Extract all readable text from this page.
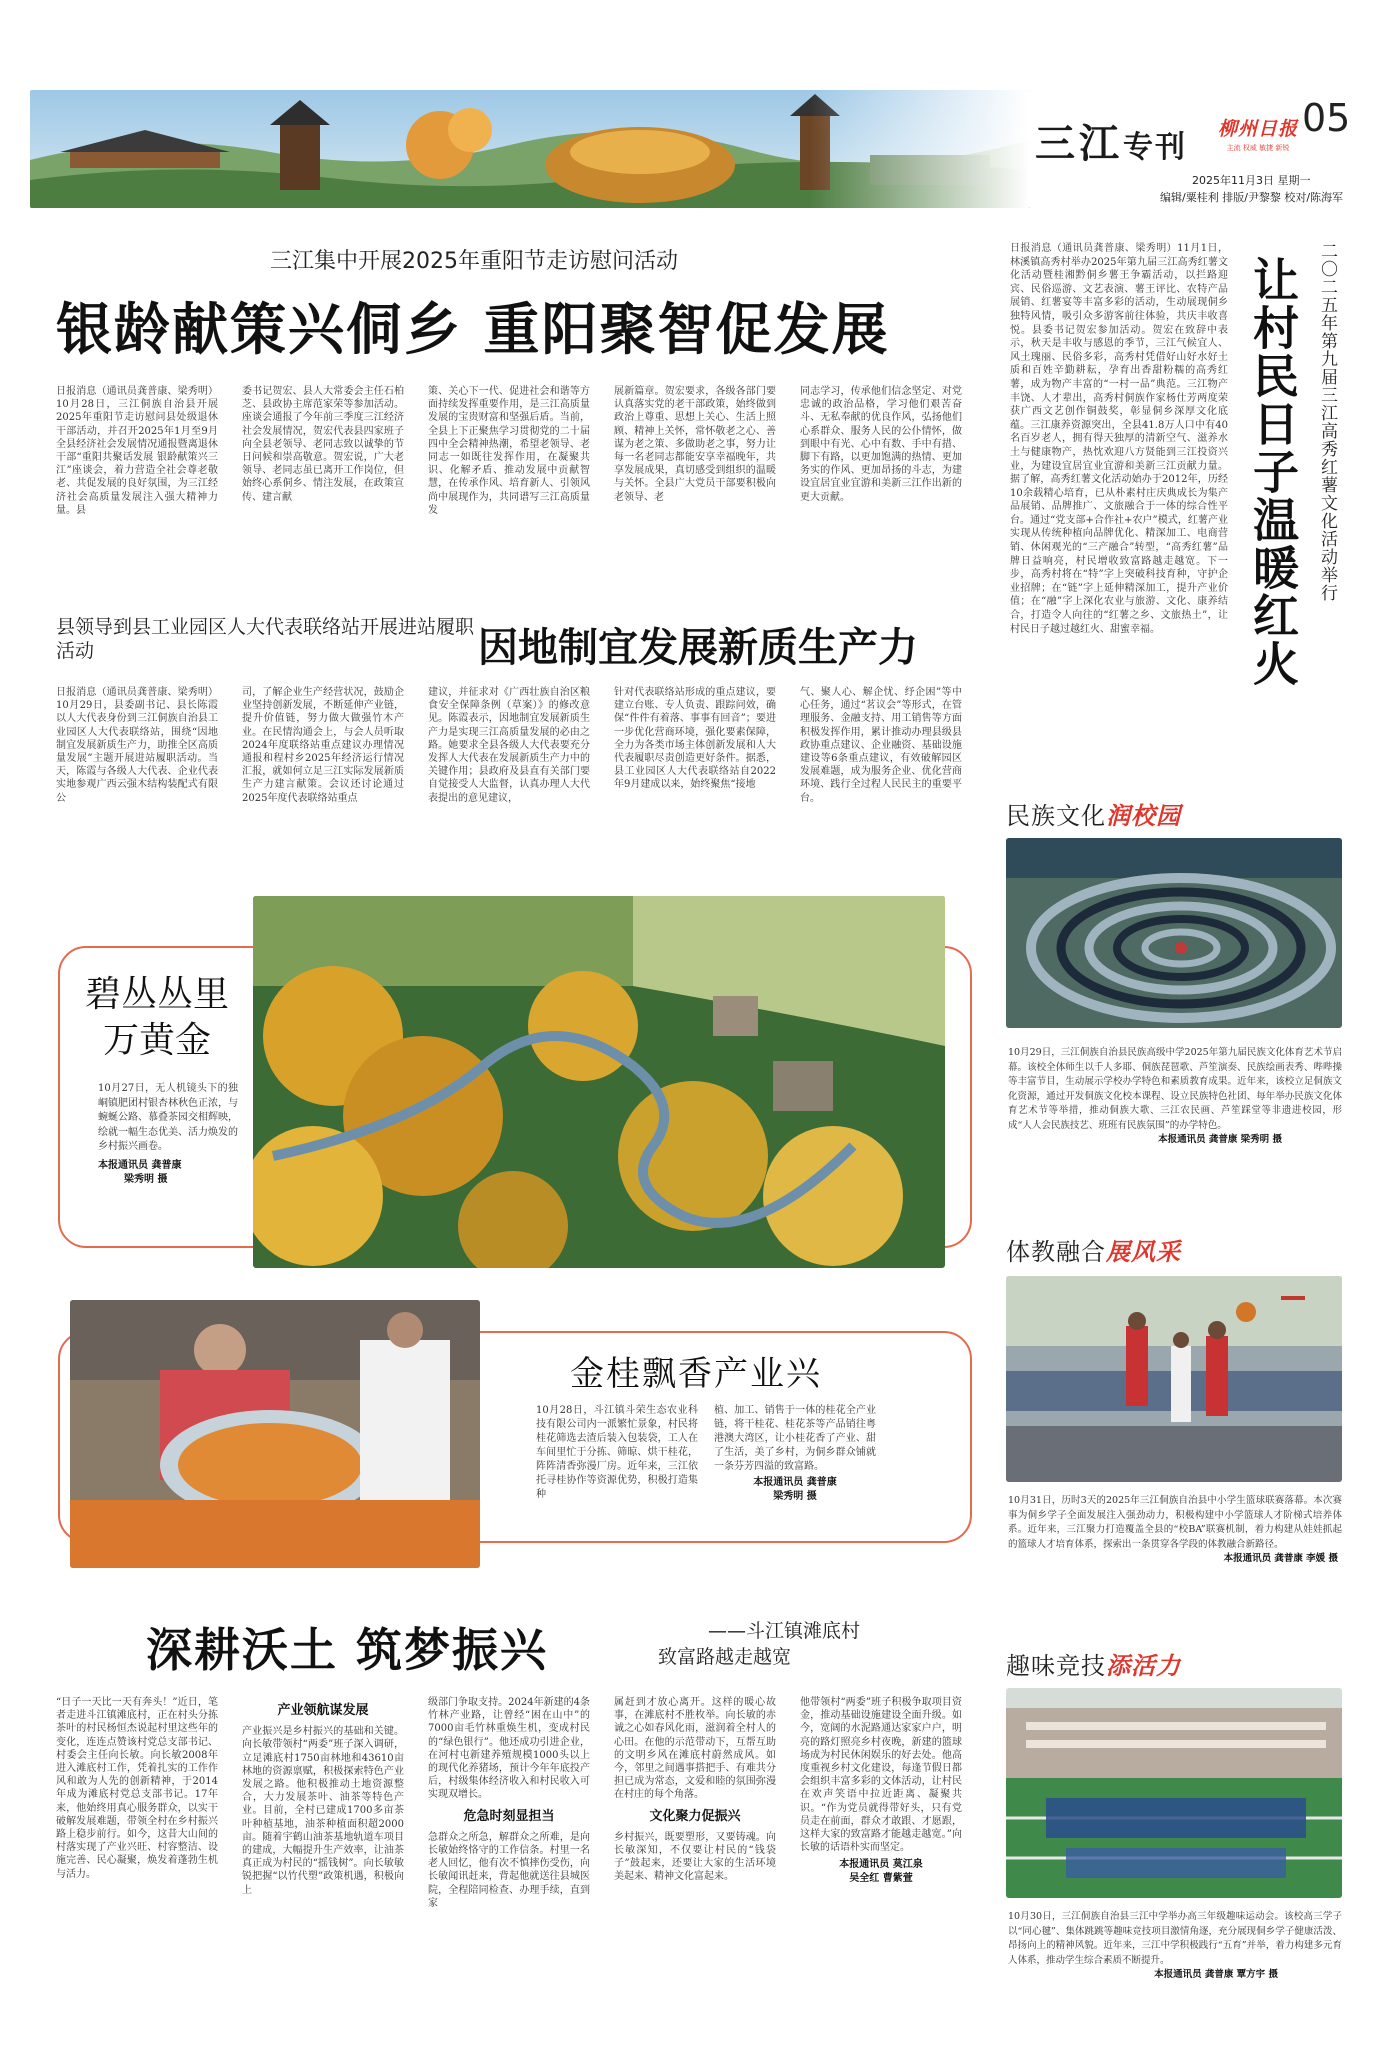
三江专刊
柳州日报
主流 权威 敏捷 新锐
05
2025年11月3日 星期一
编辑/粟桂利 排版/尹黎黎 校对/陈海军
三江集中开展2025年重阳节走访慰问活动
银龄献策兴侗乡 重阳聚智促发展
日报消息（通讯员龚普康、梁秀明）10月28日，三江侗族自治县开展2025年重阳节走访慰问县处级退休干部活动，并召开2025年1月至9月全县经济社会发展情况通报暨离退休干部“重阳共聚话发展 银龄献策兴三江”座谈会，着力营造全社会尊老敬老、共促发展的良好氛围，为三江经济社会高质量发展注入强大精神力量。县
委书记贺宏、县人大常委会主任石柏芝、县政协主席范家荣等参加活动。座谈会通报了今年前三季度三江经济社会发展情况，贺宏代表县四家班子向全县老领导、老同志致以诚挚的节日问候和崇高敬意。贺宏说，广大老领导、老同志虽已离开工作岗位，但始终心系侗乡、情注发展，在政策宣传、建言献
策、关心下一代、促进社会和谐等方面持续发挥重要作用，是三江高质量发展的宝贵财富和坚强后盾。当前，全县上下正聚焦学习贯彻党的二十届四中全会精神热潮，希望老领导、老同志一如既往发挥作用，在凝聚共识、化解矛盾、推动发展中贡献智慧，在传承作风、培育新人、引领风尚中展现作为，共同谱写三江高质量发
展新篇章。贺宏要求，各级各部门要认真落实党的老干部政策，始终做到政治上尊重、思想上关心、生活上照顾、精神上关怀，常怀敬老之心、善谋为老之策、多做助老之事，努力让每一名老同志都能安享幸福晚年，共享发展成果，真切感受到组织的温暖与关怀。全县广大党员干部要积极向老领导、老
同志学习，传承他们信念坚定、对党忠诚的政治品格，学习他们艰苦奋斗、无私奉献的优良作风，弘扬他们心系群众、服务人民的公仆情怀，做到眼中有光、心中有数、手中有措、脚下有路，以更加饱满的热情、更加务实的作风、更加昂扬的斗志，为建设宜居宜业宜游和美新三江作出新的更大贡献。
县领导到县工业园区人大代表联络站开展进站履职活动	因地制宜发展新质生产力
日报消息（通讯员龚普康、梁秀明）10月29日，县委副书记、县长陈霞以人大代表身份到三江侗族自治县工业园区人大代表联络站，围绕“因地制宜发展新质生产力，助推全区高质量发展”主题开展进站履职活动。当天，陈霞与各级人大代表、企业代表实地参观广西云强木结构装配式有限公
司，了解企业生产经营状况，鼓励企业坚持创新发展，不断延伸产业链，提升价值链，努力做大做强竹木产业。在民情沟通会上，与会人员听取2024年度联络站重点建议办理情况通报和程村乡2025年经济运行情况汇报，就如何立足三江实际发展新质生产力建言献策。会议还讨论通过2025年度代表联络站重点
建议，并征求对《广西壮族自治区粮食安全保障条例（草案）》的修改意见。陈霞表示，因地制宜发展新质生产力是实现三江高质量发展的必由之路。她要求全县各级人大代表要充分发挥人大代表在发展新质生产力中的关键作用；县政府及县直有关部门要自觉接受人大监督，认真办理人大代表提出的意见建议，
针对代表联络站形成的重点建议，要建立台账、专人负责、跟踪问效，确保“件件有着落、事事有回音”；要进一步优化营商环境，强化要素保障，全力为各类市场主体创新发展和人大代表履职尽责创造更好条件。据悉，县工业园区人大代表联络站自2022年9月建成以来，始终聚焦“接地
气、聚人心、解企忧、纾企困”等中心任务，通过“茗议会”等形式，在管理服务、金融支持、用工销售等方面积极发挥作用，累计推动办理县级县政协重点建议、企业融资、基础设施建设等6条重点建议，有效破解园区发展难题，成为服务企业、优化营商环境、践行全过程人民民主的重要平台。
碧丛丛里
万黄金
10月27日，无人机镜头下的独峒镇肥团村银杏林秋色正浓，与蜿蜒公路、慕叠茶园交相辉映，绘就一幅生态优美、活力焕发的乡村振兴画卷。
本报通讯员 龚普康
梁秀明 摄
金桂飘香产业兴
10月28日，斗江镇斗荣生态农业科技有限公司内一派繁忙景象，村民将桂花筛选去渣后装入包装袋，工人在车间里忙于分拣、筛晾、烘干桂花，阵阵清香弥漫厂房。近年来，三江依托寻桂协作等资源优势，积极打造集种
植、加工、销售于一体的桂花全产业链，将干桂花、桂花茶等产品销往粤港澳大湾区，让小桂花香了产业、甜了生活，美了乡村，为侗乡群众铺就一条芬芳四溢的致富路。
本报通讯员 龚普康
梁秀明 摄
深耕沃土 筑梦振兴	——斗江镇滩底村
致富路越走越宽
“日子一天比一天有奔头！”近日，笔者走进斗江镇滩底村，正在村头分拣茶叶的村民杨恒杰说起村里这些年的变化，连连点赞该村党总支部书记、村委会主任向长敏。向长敏2008年进入滩底村工作，凭着扎实的工作作风和敢为人先的创新精神，于2014年成为滩底村党总支部书记。17年来，他始终用真心服务群众，以实干破解发展难题，带领全村在乡村振兴路上稳步前行。如今，这昔大山间的村落实现了产业兴旺、村容整洁、设施完善、民心凝聚，焕发着蓬勃生机与活力。
产业领航谋发展
产业振兴是乡村振兴的基础和关键。向长敏带领村“两委”班子深入调研，立足滩底村1750亩林地和43610亩林地的资源禀赋，积极探索特色产业发展之路。他积极推动土地资源整合，大力发展茶叶、油茶等特色产业。目前，全村已建成1700多亩茶叶种植基地，油茶种植面积超2000亩。随着宇鹤山油茶基地轨道车项目的建成，大幅提升生产效率，让油茶真正成为村民的“摇钱树”。向长敏敏锐把握“以竹代塑”政策机遇，积极向上
级部门争取支持。2024年新建的4条竹林产业路，让曾经“困在山中”的7000亩毛竹林重焕生机，变成村民的“绿色银行”。他还成功引进企业，在河村屯新建养殖规模1000头以上的现代化养猪场，预计今年年底投产后，村级集体经济收入和村民收入可实现双增长。
危急时刻显担当
急群众之所急，解群众之所难，是向长敏始终恪守的工作信条。村里一名老人回忆，他有次不慎摔伤受伤，向长敏闻讯赶来，背起他就送往县城医院，全程陪同检查、办理手续，直到家
属赶到才放心离开。这样的暖心故事，在滩底村不胜枚举。向长敏的赤诚之心如春风化雨，滋润着全村人的心田。在他的示范带动下，互帮互助的文明乡风在滩底村蔚然成风。如今，邻里之间遇事搭把手、有难共分担已成为常态，文爱和睦的氛围弥漫在村庄的每个角落。
文化聚力促振兴
乡村振兴，既要塑形，又要铸魂。向长敏深知，不仅要让村民的“钱袋子”鼓起来，还要让大家的生活环境美起来、精神文化富起来。
他带领村“两委”班子积极争取项目资金，推动基础设施建设全面升级。如今，宽阔的水泥路通达家家户户，明亮的路灯照亮乡村夜晚，新建的篮球场成为村民休闲娱乐的好去处。他高度重视乡村文化建设，每逢节假日都会组织丰富多彩的文体活动，让村民在欢声笑语中拉近距离、凝聚共识。“作为党员就得带好头，只有党员走在前面，群众才敢跟、才愿跟，这样大家的致富路才能越走越宽。”向长敏的话语朴实而坚定。
本报通讯员 莫江泉
吴全红 曹紫萱
日报消息（通讯员龚普康、梁秀明）11月1日，林溪镇高秀村举办2025年第九届三江高秀红薯文化活动暨桂湘黔侗乡薯王争霸活动，以拦路迎宾、民俗巡游、文艺表演、薯王评比、农特产品展销、红薯宴等丰富多彩的活动，生动展现侗乡独特风情，吸引众多游客前往体验，共庆丰收喜悦。县委书记贺宏参加活动。贺宏在致辞中表示，秋天是丰收与感恩的季节，三江气候宜人、风土瑰丽、民俗多彩，高秀村凭借好山好水好土质和百姓辛勤耕耘，孕育出香甜粉糯的高秀红薯，成为物产丰富的“一村一品”典范。三江物产丰饶、人才辈出，高秀村侗族作家杨仕芳两度荣获广西文艺创作铜鼓奖，彰显侗乡深厚文化底蕴。三江康养资源突出，全县41.8万人口中有40名百岁老人，拥有得天独厚的清新空气、滋养水土与健康物产，热忱欢迎八方贤能到三江投资兴业，为建设宜居宜业宜游和美新三江贡献力量。据了解，高秀红薯文化活动始办于2012年，历经10余载精心培育，已从朴素村庄庆典成长为集产品展销、品牌推广、文旅融合于一体的综合性平台。通过“党支部+合作社+农户”模式，红薯产业实现从传统种植向品牌优化、精深加工、电商营销、休闲观光的“三产融合”转型，“高秀红薯”品牌日益响亮，村民增收致富路越走越宽。下一步，高秀村将在“特”字上突破科技育种，守护企业招牌；在“链”字上延伸精深加工，提升产业价值；在“融”字上深化农业与旅游、文化、康养结合，打造令人向往的“红薯之乡、文旅热土”，让村民日子越过越红火、甜蜜幸福。
二〇二五年第九届三江高秀红薯文化活动举行
让村民日子温暖红火
民族文化润校园
10月29日，三江侗族自治县民族高级中学2025年第九届民族文化体育艺术节启幕。该校全体师生以千人多耶、侗族琵琶歌、芦笙演奏、民族绘画表秀、哔哔操等丰富节目，生动展示学校办学特色和素质教育成果。近年来，该校立足侗族文化资源，通过开发侗族文化校本课程、设立民族特色社团、每年举办民族文化体育艺术节等举措，推动侗族大歌、三江农民画、芦笙踩堂等非遗进校园，形成“人人会民族技艺、班班有民族氛围”的办学特色。
本报通讯员 龚普康 梁秀明 摄
体教融合展风采
10月31日，历时3天的2025年三江侗族自治县中小学生篮球联赛落幕。本次赛事为侗乡学子全面发展注入强劲动力，积极构建中小学篮球人才阶梯式培养体系。近年来，三江聚力打造覆盖全县的“校BA”联赛机制，着力构建从娃娃抓起的篮球人才培育体系，探索出一条贯穿各学段的体教融合新路径。
本报通讯员 龚普康 李媛 摄
趣味竞技添活力
10月30日，三江侗族自治县三江中学举办高三年级趣味运动会。该校高三学子以“同心毽”、集体跳跳等趣味竞技项目激情角逐，充分展现侗乡学子健康活泼、昂扬向上的精神风貌。近年来，三江中学积极践行“五育”并举，着力构建多元育人体系，推动学生综合素质不断提升。
本报通讯员 龚普康 覃方宇 摄
